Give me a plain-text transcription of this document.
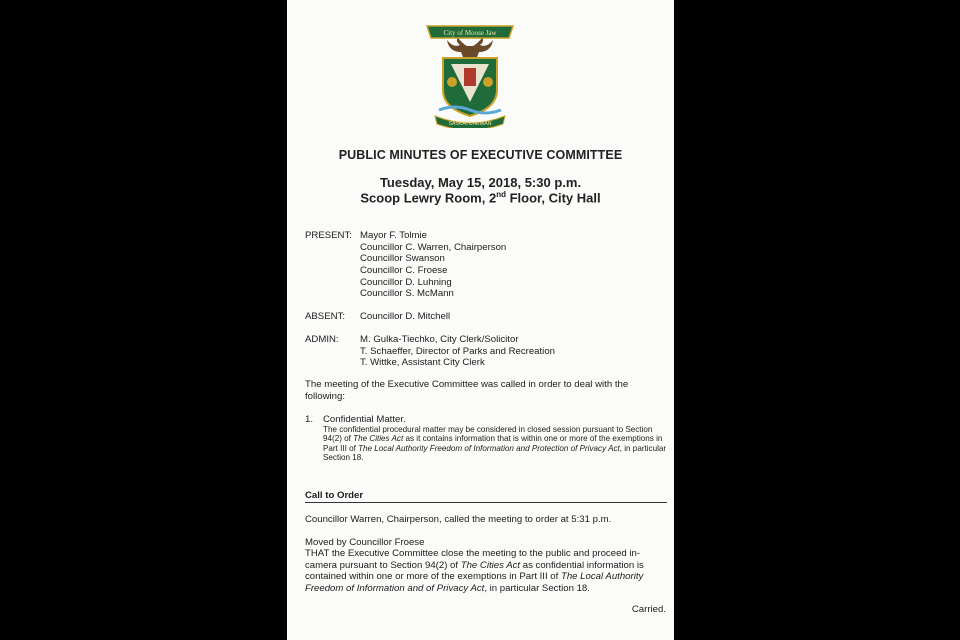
City of Moose Jaw
SASKATCHEWAN
PUBLIC MINUTES OF EXECUTIVE COMMITTEE
Tuesday, May 15, 2018, 5:30 p.m.
Scoop Lewry Room, 2nd Floor, City Hall
PRESENT: Mayor F. Tolmie
Councillor C. Warren, Chairperson
Councillor Swanson
Councillor C. Froese
Councillor D. Luhning
Councillor S. McMann
ABSENT:	Councillor D. Mitchell
ADMIN:	M. Gulka-Tiechko, City Clerk/Solicitor
T. Schaeffer, Director of Parks and Recreation
T. Wittke, Assistant City Clerk
The meeting of the Executive Committee was called in order to deal with the following:
1. Confidential Matter.
The confidential procedural matter may be considered in closed session pursuant to Section 94(2) of The Cities Act as it contains information that is within one or more of the exemptions in Part III of The Local Authority Freedom of Information and Protection of Privacy Act, in particular Section 18.
Call to Order
Councillor Warren, Chairperson, called the meeting to order at 5:31 p.m.
Moved by Councillor Froese
THAT the Executive Committee close the meeting to the public and proceed in-camera pursuant to Section 94(2) of The Cities Act as confidential information is contained within one or more of the exemptions in Part III of The Local Authority Freedom of Information and of Privacy Act, in particular Section 18.
Carried.
